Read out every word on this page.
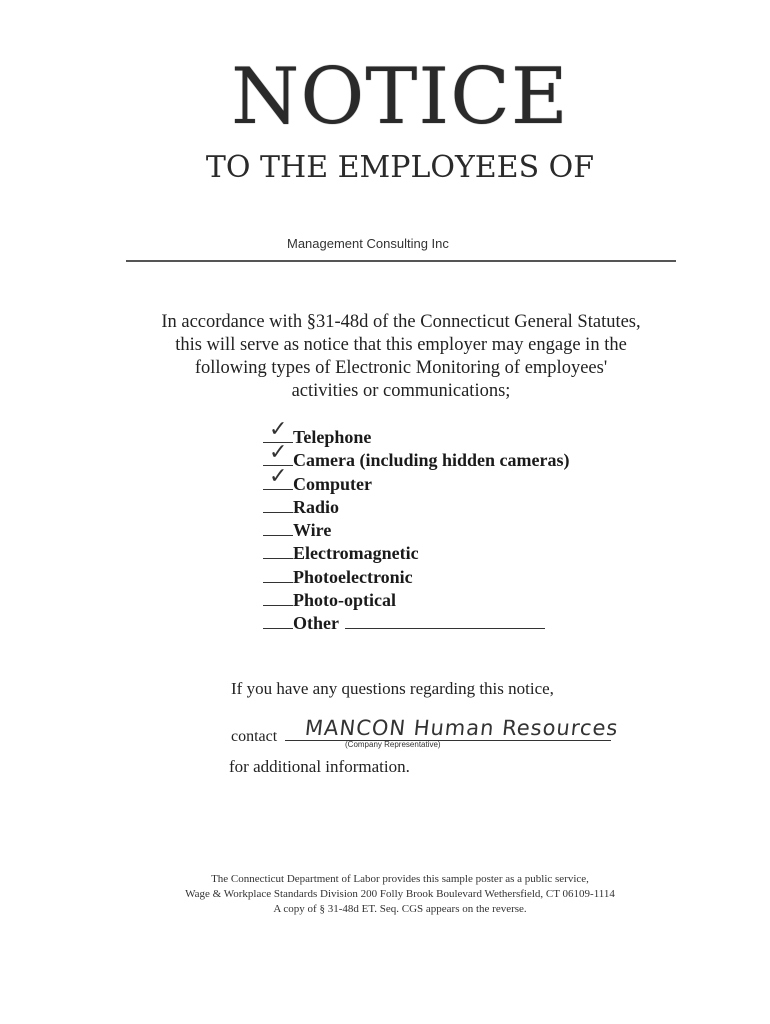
NOTICE
TO THE EMPLOYEES OF
Management Consulting Inc
In accordance with §31-48d of the Connecticut General Statutes,
this will serve as notice that this employer may engage in the
following types of Electronic Monitoring of employees'
activities or communications;
✓ Telephone
✓ Camera (including hidden cameras)
✓ Computer
Radio
Wire
Electromagnetic
Photoelectronic
Photo-optical
Other
If you have any questions regarding this notice,
contact MANCON Human Resources
(Company Representative)
for additional information.
The Connecticut Department of Labor provides this sample poster as a public service,
Wage & Workplace Standards Division 200 Folly Brook Boulevard Wethersfield, CT 06109-1114
A copy of § 31-48d ET. Seq. CGS appears on the reverse.
